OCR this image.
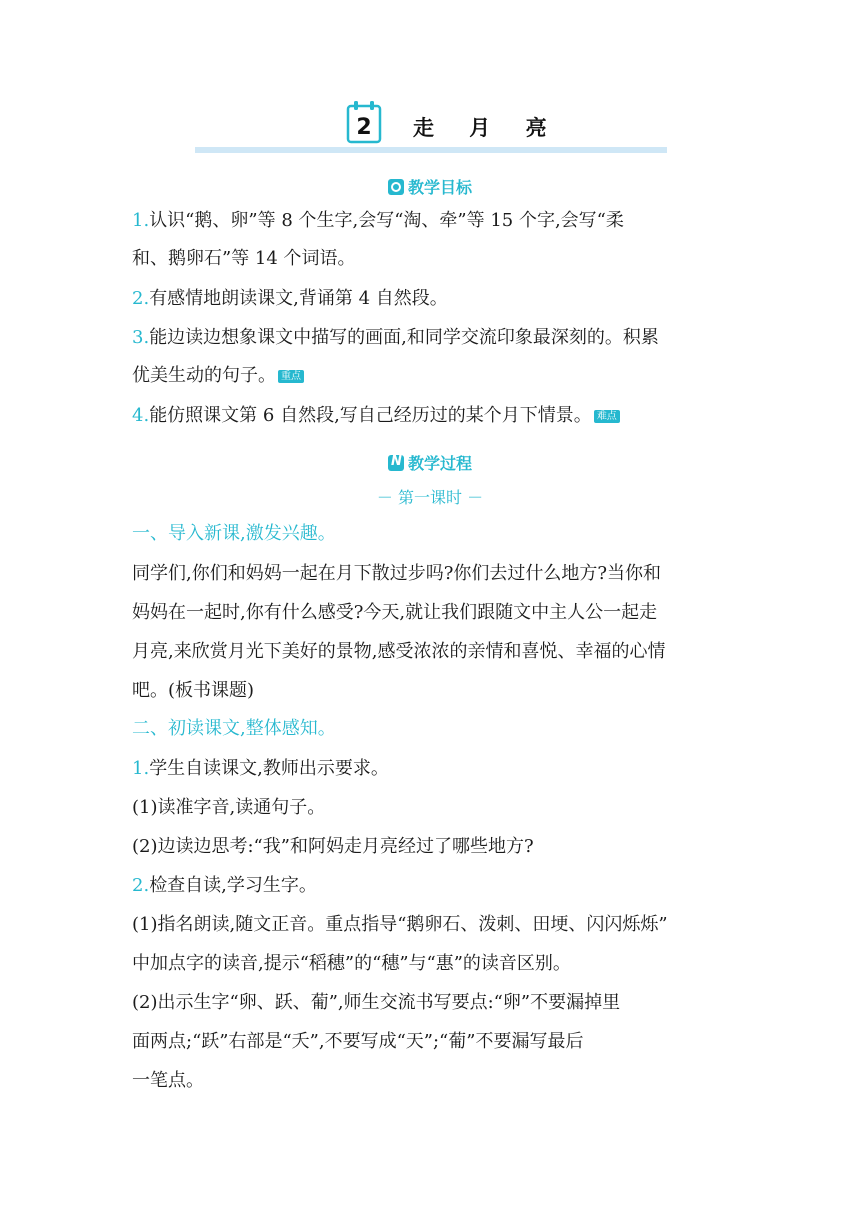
2 走 月 亮
教学目标
1.认识“鹅、卵”等 8 个生字,会写“淘、牵”等 15 个字,会写“柔
和、鹅卵石”等 14 个词语。
2.有感情地朗读课文,背诵第 4 自然段。
3.能边读边想象课文中描写的画面,和同学交流印象最深刻的。积累
优美生动的句子。 重点
4.能仿照课文第 6 自然段,写自己经历过的某个月下情景。 难点
N教学过程
－ 第一课时 －
一、导入新课,激发兴趣。
同学们,你们和妈妈一起在月下散过步吗?你们去过什么地方?当你和
妈妈在一起时,你有什么感受?今天,就让我们跟随文中主人公一起走
月亮,来欣赏月光下美好的景物,感受浓浓的亲情和喜悦、幸福的心情
吧。(板书课题)
二、初读课文,整体感知。
1.学生自读课文,教师出示要求。
(1)读准字音,读通句子。
(2)边读边思考:“我”和阿妈走月亮经过了哪些地方?
2.检查自读,学习生字。
(1)指名朗读,随文正音。重点指导“鹅卵石、泼刺、田埂、闪闪烁烁”
中加点字的读音,提示“稻穗”的“穗”与“惠”的读音区别。
(2)出示生字“卵、跃、葡”,师生交流书写要点:“卵”不要漏掉里
面两点;“跃”右部是“夭”,不要写成“天”;“葡”不要漏写最后
一笔点。
